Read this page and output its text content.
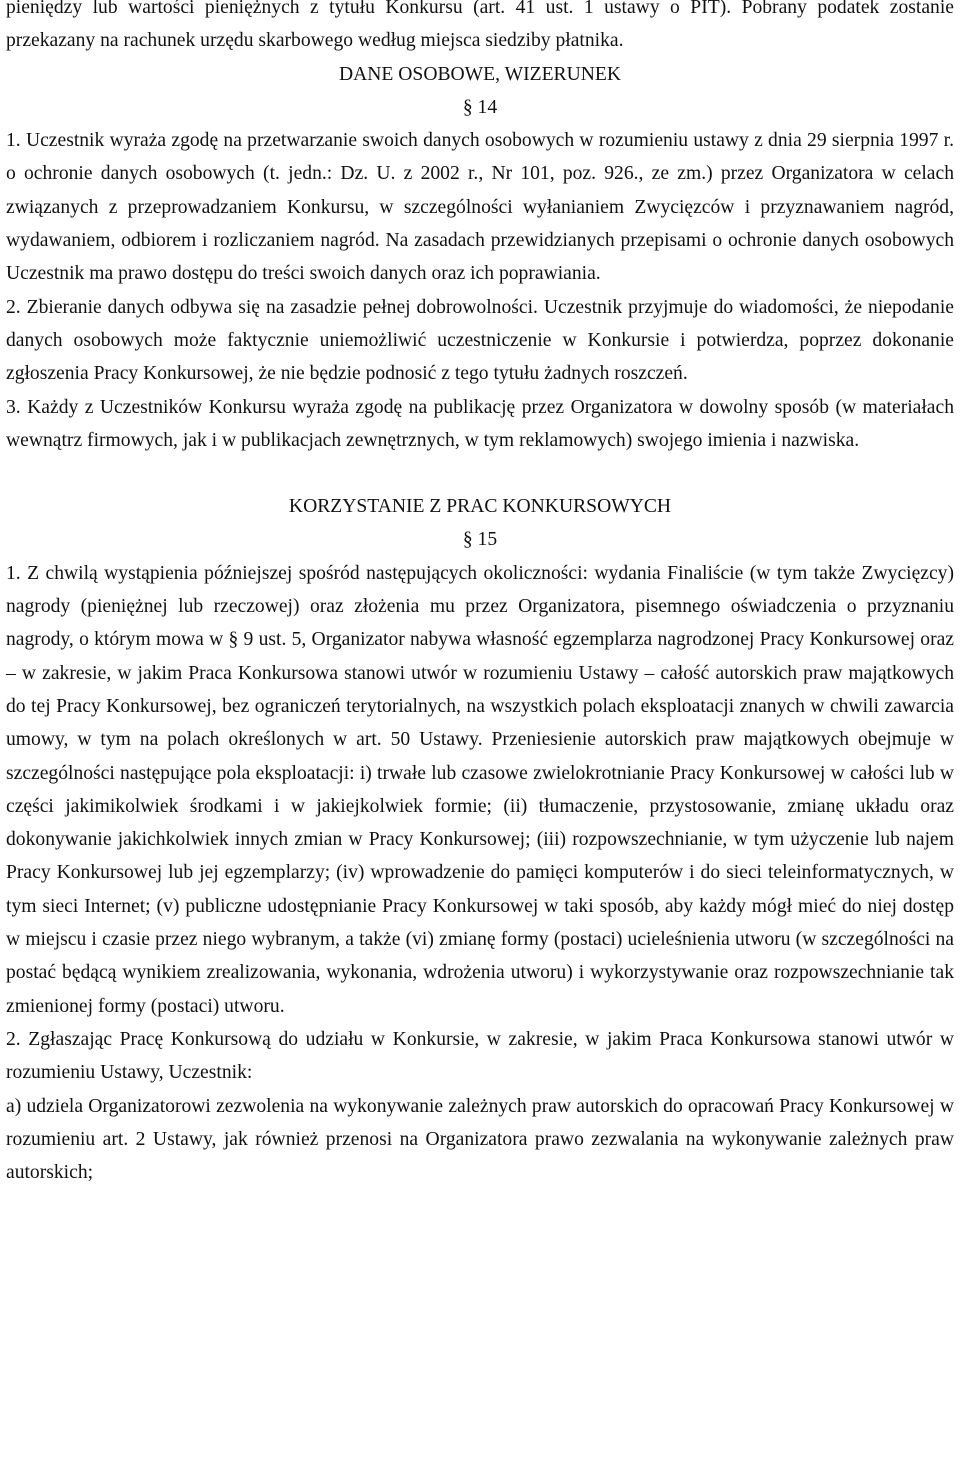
pieniędzy lub wartości pieniężnych z tytułu Konkursu (art. 41 ust. 1 ustawy o PIT). Pobrany podatek zostanie przekazany na rachunek urzędu skarbowego według miejsca siedziby płatnika.

DANE OSOBOWE, WIZERUNEK
§ 14

1. Uczestnik wyraża zgodę na przetwarzanie swoich danych osobowych w rozumieniu ustawy z dnia 29 sierpnia 1997 r. o ochronie danych osobowych (t. jedn.: Dz. U. z 2002 r., Nr 101, poz. 926., ze zm.) przez Organizatora w celach związanych z przeprowadzaniem Konkursu, w szczególności wyłanianiem Zwycięzców i przyznawaniem nagród, wydawaniem, odbiorem i rozliczaniem nagród. Na zasadach przewidzianych przepisami o ochronie danych osobowych Uczestnik ma prawo dostępu do treści swoich danych oraz ich poprawiania.

2. Zbieranie danych odbywa się na zasadzie pełnej dobrowolności. Uczestnik przyjmuje do wiadomości, że niepodanie danych osobowych może faktycznie uniemożliwić uczestniczenie w Konkursie i potwierdza, poprzez dokonanie zgłoszenia Pracy Konkursowej, że nie będzie podnosić z tego tytułu żadnych roszczeń.

3. Każdy z Uczestników Konkursu wyraża zgodę na publikację przez Organizatora w dowolny sposób (w materiałach wewnątrz firmowych, jak i w publikacjach zewnętrznych, w tym reklamowych) swojego imienia i nazwiska.

KORZYSTANIE Z PRAC KONKURSOWYCH
§ 15

1. Z chwilą wystąpienia późniejszej spośród następujących okoliczności: wydania Finaliście (w tym także Zwycięzcy) nagrody (pieniężnej lub rzeczowej) oraz złożenia mu przez Organizatora, pisemnego oświadczenia o przyznaniu nagrody, o którym mowa w § 9 ust. 5, Organizator nabywa własność egzemplarza nagrodzonej Pracy Konkursowej oraz – w zakresie, w jakim Praca Konkursowa stanowi utwór w rozumieniu Ustawy – całość autorskich praw majątkowych do tej Pracy Konkursowej, bez ograniczeń terytorialnych, na wszystkich polach eksploatacji znanych w chwili zawarcia umowy, w tym na polach określonych w art. 50 Ustawy. Przeniesienie autorskich praw majątkowych obejmuje w szczególności następujące pola eksploatacji: i) trwałe lub czasowe zwielokrotnianie Pracy Konkursowej w całości lub w części jakimikolwiek środkami i w jakiejkolwiek formie; (ii) tłumaczenie, przystosowanie, zmianę układu oraz dokonywanie jakichkolwiek innych zmian w Pracy Konkursowej; (iii) rozpowszechnianie, w tym użyczenie lub najem Pracy Konkursowej lub jej egzemplarzy; (iv) wprowadzenie do pamięci komputerów i do sieci teleinformatycznych, w tym sieci Internet; (v) publiczne udostępnianie Pracy Konkursowej w taki sposób, aby każdy mógł mieć do niej dostęp w miejscu i czasie przez niego wybranym, a także (vi) zmianę formy (postaci) ucieleśnienia utworu (w szczególności na postać będącą wynikiem zrealizowania, wykonania, wdrożenia utworu) i wykorzystywanie oraz rozpowszechnianie tak zmienionej formy (postaci) utworu.

2. Zgłaszając Pracę Konkursową do udziału w Konkursie, w zakresie, w jakim Praca Konkursowa stanowi utwór w rozumieniu Ustawy, Uczestnik:

a) udziela Organizatorowi zezwolenia na wykonywanie zależnych praw autorskich do opracowań Pracy Konkursowej w rozumieniu art. 2 Ustawy, jak również przenosi na Organizatora prawo zezwalania na wykonywanie zależnych praw autorskich;
